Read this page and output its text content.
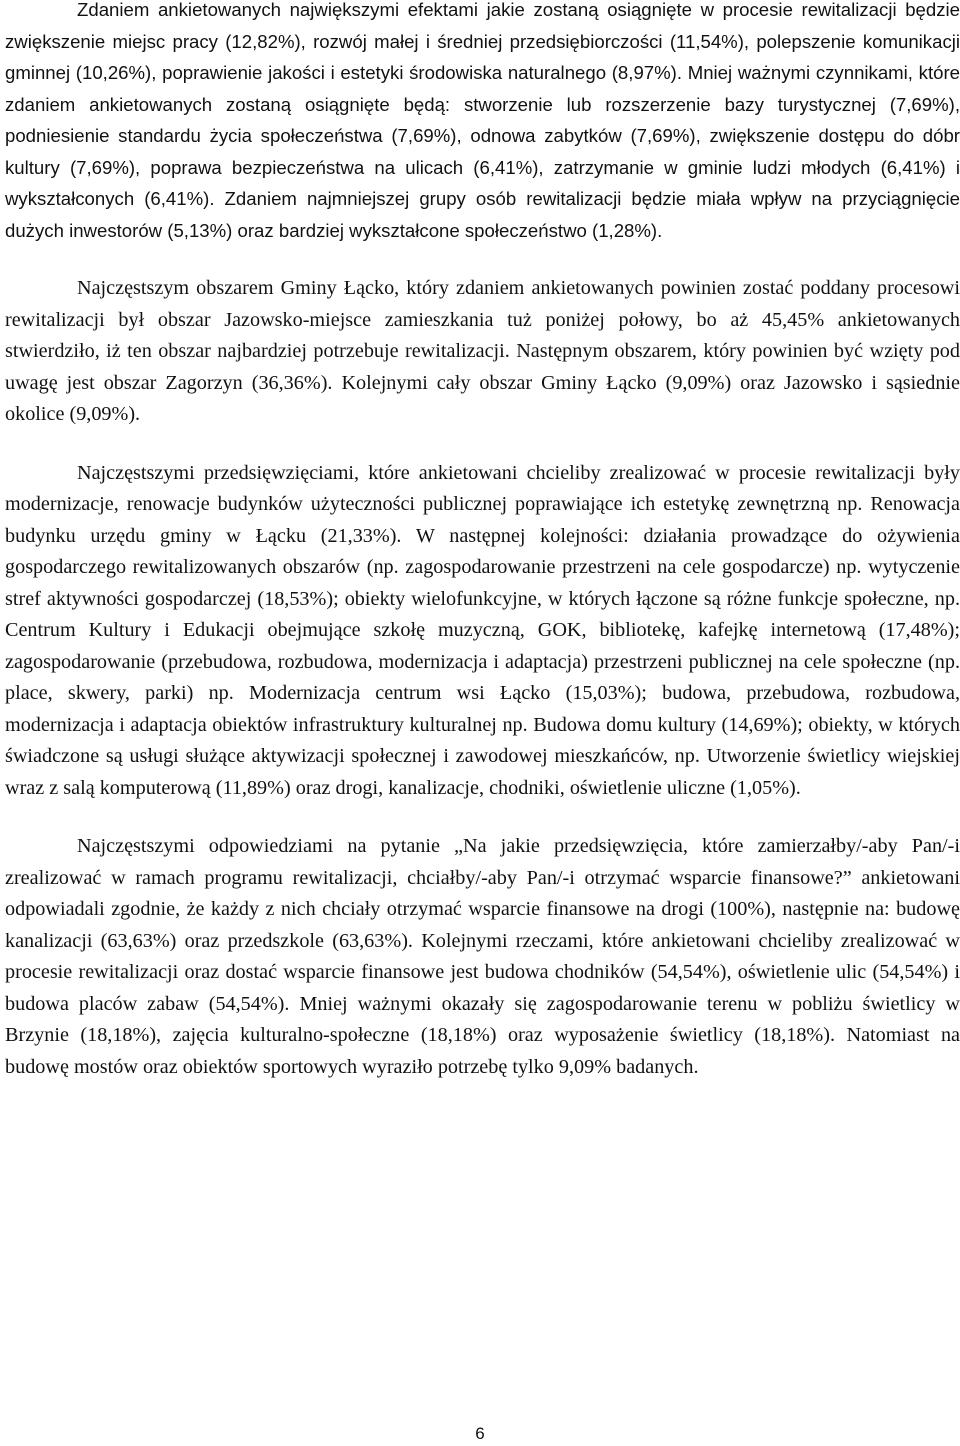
Zdaniem ankietowanych największymi efektami jakie zostaną osiągnięte w procesie rewitalizacji będzie zwiększenie miejsc pracy (12,82%), rozwój małej i średniej przedsiębiorczości (11,54%), polepszenie komunikacji gminnej (10,26%), poprawienie jakości i estetyki środowiska naturalnego (8,97%). Mniej ważnymi czynnikami, które zdaniem ankietowanych zostaną osiągnięte będą: stworzenie lub rozszerzenie bazy turystycznej (7,69%), podniesienie standardu życia społeczeństwa (7,69%), odnowa zabytków (7,69%), zwiększenie dostępu do dóbr kultury (7,69%), poprawa bezpieczeństwa na ulicach (6,41%), zatrzymanie w gminie ludzi młodych (6,41%) i wykształconych (6,41%). Zdaniem najmniejszej grupy osób rewitalizacji będzie miała wpływ na przyciągnięcie dużych inwestorów (5,13%) oraz bardziej wykształcone społeczeństwo (1,28%).

Najczęstszym obszarem Gminy Łącko, który zdaniem ankietowanych powinien zostać poddany procesowi rewitalizacji był obszar Jazowsko-miejsce zamieszkania tuż poniżej połowy, bo aż 45,45% ankietowanych stwierdziło, iż ten obszar najbardziej potrzebuje rewitalizacji. Następnym obszarem, który powinien być wzięty pod uwagę jest obszar Zagorzyn (36,36%). Kolejnymi cały obszar Gminy Łącko (9,09%) oraz Jazowsko i sąsiednie okolice (9,09%).

Najczęstszymi przedsięwzięciami, które ankietowani chcieliby zrealizować w procesie rewitalizacji były modernizacje, renowacje budynków użyteczności publicznej poprawiające ich estetykę zewnętrzną np. Renowacja budynku urzędu gminy w Łącku (21,33%). W następnej kolejności: działania prowadzące do ożywienia gospodarczego rewitalizowanych obszarów (np. zagospodarowanie przestrzeni na cele gospodarcze) np. wytyczenie stref aktywności gospodarczej (18,53%); obiekty wielofunkcyjne, w których łączone są różne funkcje społeczne, np. Centrum Kultury i Edukacji obejmujące szkołę muzyczną, GOK, bibliotekę, kafejkę internetową (17,48%); zagospodarowanie (przebudowa, rozbudowa, modernizacja i adaptacja) przestrzeni publicznej na cele społeczne (np. place, skwery, parki) np. Modernizacja centrum wsi Łącko (15,03%); budowa, przebudowa, rozbudowa, modernizacja i adaptacja obiektów infrastruktury kulturalnej np. Budowa domu kultury (14,69%); obiekty, w których świadczone są usługi służące aktywizacji społecznej i zawodowej mieszkańców, np. Utworzenie świetlicy wiejskiej wraz z salą komputerową (11,89%) oraz drogi, kanalizacje, chodniki, oświetlenie uliczne (1,05%).

Najczęstszymi odpowiedziami na pytanie „Na jakie przedsięwzięcia, które zamierzałby/-aby Pan/-i zrealizować w ramach programu rewitalizacji, chciałby/-aby Pan/-i otrzymać wsparcie finansowe?” ankietowani odpowiadali zgodnie, że każdy z nich chciały otrzymać wsparcie finansowe na drogi (100%), następnie na: budowę kanalizacji (63,63%) oraz przedszkole (63,63%). Kolejnymi rzeczami, które ankietowani chcieliby zrealizować w procesie rewitalizacji oraz dostać wsparcie finansowe jest budowa chodników (54,54%), oświetlenie ulic (54,54%) i budowa placów zabaw (54,54%). Mniej ważnymi okazały się zagospodarowanie terenu w pobliżu świetlicy w Brzynie (18,18%), zajęcia kulturalno-społeczne (18,18%) oraz wyposażenie świetlicy (18,18%). Natomiast na budowę mostów oraz obiektów sportowych wyraziło potrzebę tylko 9,09% badanych.

6
